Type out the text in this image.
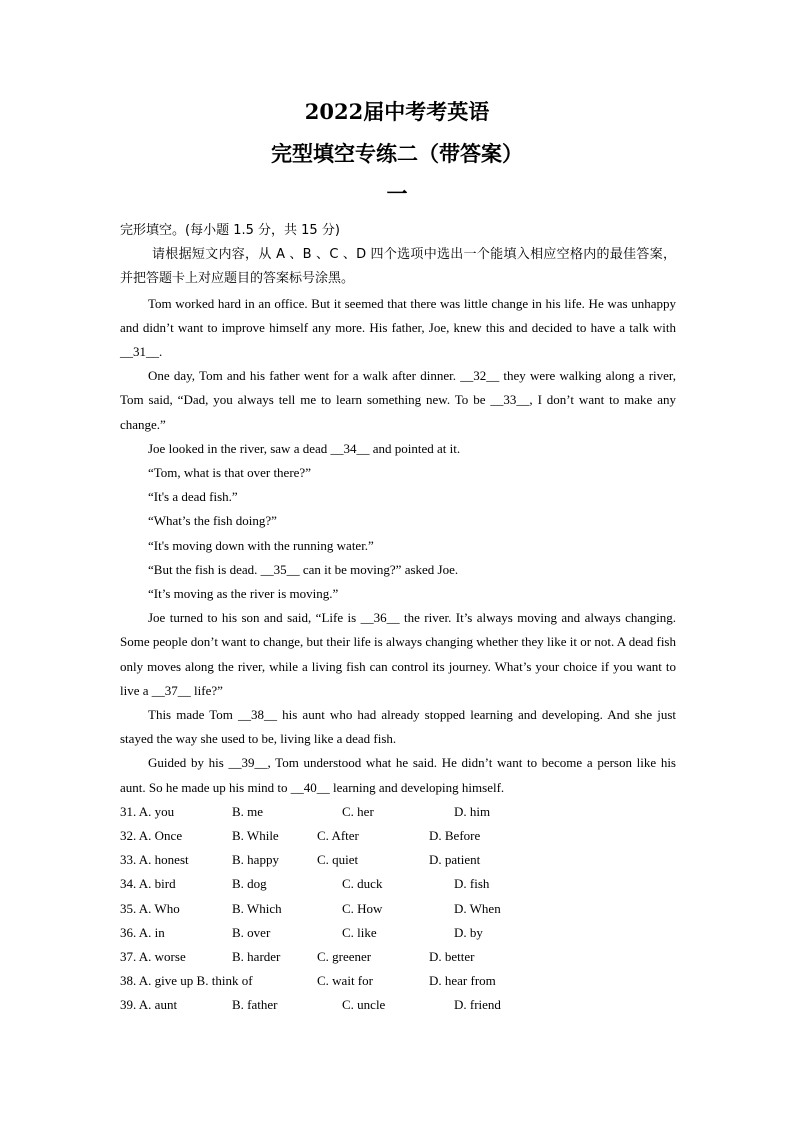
2022届中考考英语
完型填空专练二（带答案）
一

完形填空。(每小题 1.5 分，共 15 分)

请根据短文内容，从 A 、B 、C 、D 四个选项中选出一个能填入相应空格内的最佳答案，并把答题卡上对应题目的答案标号涂黑。

Tom worked hard in an office. But it seemed that there was little change in his life. He was unhappy and didn’t want to improve himself any more. His father, Joe, knew this and decided to have a talk with __31__.

One day, Tom and his father went for a walk after dinner. __32__ they were walking along a river, Tom said, “Dad, you always tell me to learn something new. To be __33__, I don’t want to make any change.”

Joe looked in the river, saw a dead __34__ and pointed at it.

“Tom, what is that over there?”

“It's a dead fish.”

“What’s the fish doing?”

“It's moving down with the running water.”

“But the fish is dead. __35__ can it be moving?” asked Joe.

“It’s moving as the river is moving.”

Joe turned to his son and said, “Life is __36__ the river. It’s always moving and always changing. Some people don’t want to change, but their life is always changing whether they like it or not. A dead fish only moves along the river, while a living fish can control its journey. What’s your choice if you want to live a __37__ life?”

This made Tom __38__ his aunt who had already stopped learning and developing. And she just stayed the way she used to be, living like a dead fish.

Guided by his __39__, Tom understood what he said. He didn’t want to become a person like his aunt. So he made up his mind to __40__ learning and developing himself.

31. A. you	B. me	C. her	D. him
32. A. Once	B. While	C. After	D. Before
33. A. honest	B. happy	C. quiet	D. patient
34. A. bird	B. dog	C. duck	D. fish
35. A. Who	B. Which	C. How	D. When
36. A. in	B. over	C. like	D. by
37. A. worse	B. harder	C. greener	D. better
38. A. give up B. think of	C. wait for	D. hear from
39. A. aunt	B. father	C. uncle	D. friend
